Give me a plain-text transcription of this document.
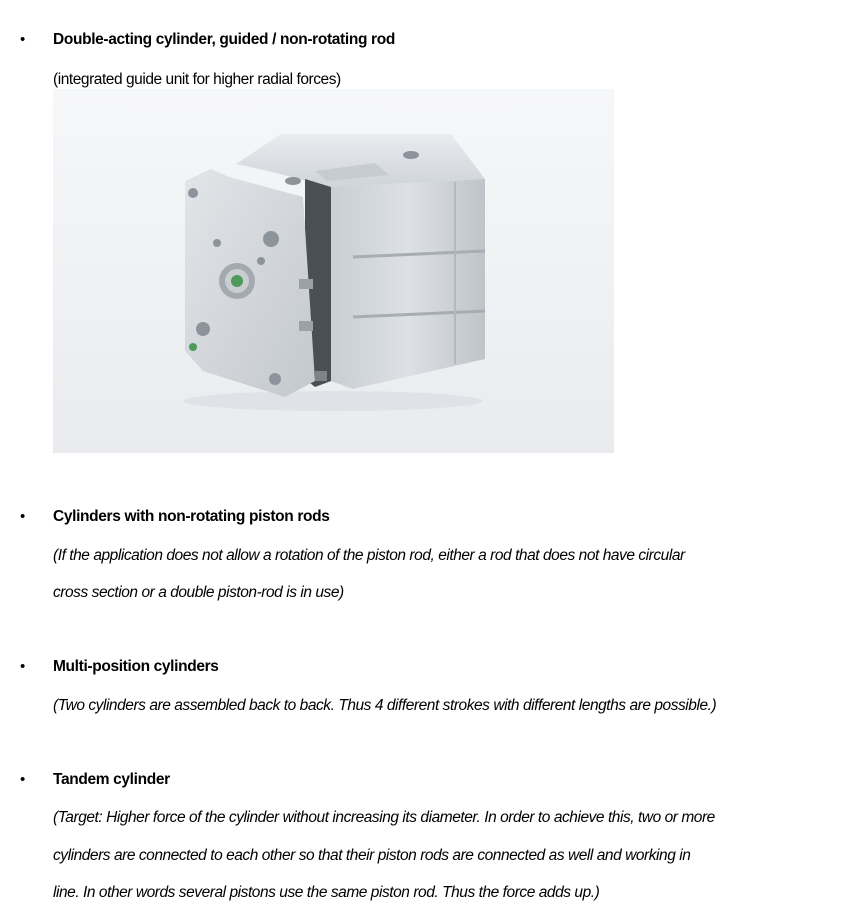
• Double-acting cylinder, guided / non-rotating rod
(integrated guide unit for higher radial forces)
• Cylinders with non-rotating piston rods
(If the application does not allow a rotation of the piston rod, either a rod that does not have circular
cross section or a double piston-rod is in use)
• Multi-position cylinders
(Two cylinders are assembled back to back. Thus 4 different strokes with different lengths are possible.)
• Tandem cylinder
(Target: Higher force of the cylinder without increasing its diameter. In order to achieve this, two or more
cylinders are connected to each other so that their piston rods are connected as well and working in
line. In other words several pistons use the same piston rod. Thus the force adds up.)
